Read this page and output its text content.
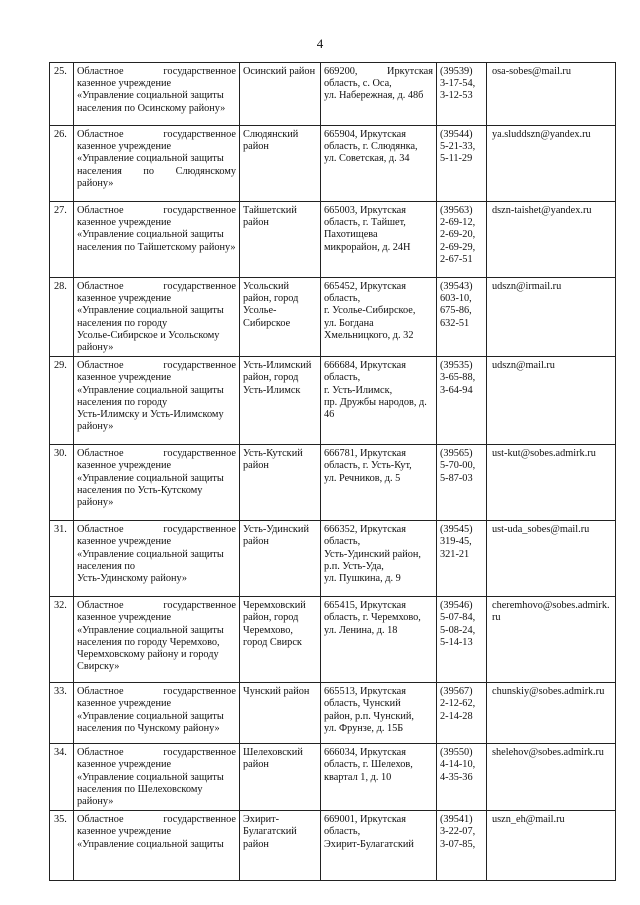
4
25.	Областное государственное казенное учреждение
«Управление социальной защиты
населения по Осинскому району»	Осинский район	669200, Иркутская область, с. Оса,
ул. Набережная, д. 48б	(39539)
3-17-54,
3-12-53	osa-sobes@mail.ru
26.	Областное государственное казенное учреждение
«Управление социальной защиты
населения по Слюдянскому району»	Слюдянский
район	665904, Иркутская
область, г. Слюдянка,
ул. Советская, д. 34	(39544)
5-21-33,
5-11-29	ya.sluddszn@yandex.ru
27.	Областное государственное казенное учреждение
«Управление социальной защиты
населения по Тайшетскому району»	Тайшетский
район	665003, Иркутская
область, г. Тайшет,
Пахотищева
микрорайон, д. 24Н	(39563)
2-69-12,
2-69-20,
2-69-29,
2-67-51	dszn-taishet@yandex.ru
28.	Областное государственное казенное учреждение
«Управление социальной защиты
населения по городу
Усолье-Сибирское и Усольскому
району»	Усольский
район, город
Усолье-
Сибирское	665452, Иркутская
область,
г. Усолье-Сибирское,
ул. Богдана
Хмельницкого, д. 32	(39543)
603-10,
675-86,
632-51	udszn@irmail.ru
29.	Областное государственное казенное учреждение
«Управление социальной защиты
населения по городу
Усть-Илимску и Усть-Илимскому
району»	Усть-Илимский
район, город
Усть-Илимск	666684, Иркутская
область,
г. Усть-Илимск,
пр. Дружбы народов, д.
46	(39535)
3-65-88,
3-64-94	udszn@mail.ru
30.	Областное государственное казенное учреждение
«Управление социальной защиты
населения по Усть-Кутскому
району»	Усть-Кутский
район	666781, Иркутская
область, г. Усть-Кут,
ул. Речников, д. 5	(39565)
5-70-00,
5-87-03	ust-kut@sobes.admirk.ru
31.	Областное государственное казенное учреждение
«Управление социальной защиты
населения по
Усть-Удинскому району»	Усть-Удинский
район	666352, Иркутская
область,
Усть-Удинский район,
р.п. Усть-Уда,
ул. Пушкина, д. 9	(39545)
319-45,
321-21	ust-uda_sobes@mail.ru
32.	Областное государственное казенное учреждение
«Управление социальной защиты
населения по городу Черемхово,
Черемховскому району и городу
Свирску»	Черемховский
район, город
Черемхово,
город Свирск	665415, Иркутская
область, г. Черемхово,
ул. Ленина, д. 18	(39546)
5-07-84,
5-08-24,
5-14-13	cheremhovo@sobes.admirk.ru
33.	Областное государственное казенное учреждение
«Управление социальной защиты
населения по Чунскому району»	Чунский район	665513, Иркутская
область, Чунский
район, р.п. Чунский,
ул. Фрунзе, д. 15Б	(39567)
2-12-62,
2-14-28	chunskiy@sobes.admirk.ru
34.	Областное государственное казенное учреждение
«Управление социальной защиты
населения по Шелеховскому
району»	Шелеховский
район	666034, Иркутская
область, г. Шелехов,
квартал 1, д. 10	(39550)
4-14-10,
4-35-36	shelehov@sobes.admirk.ru
35.	Областное государственное казенное учреждение
«Управление социальной защиты	Эхирит-
Булагатский
район	669001, Иркутская
область,
Эхирит-Булагатский	(39541)
3-22-07,
3-07-85,	uszn_eh@mail.ru
